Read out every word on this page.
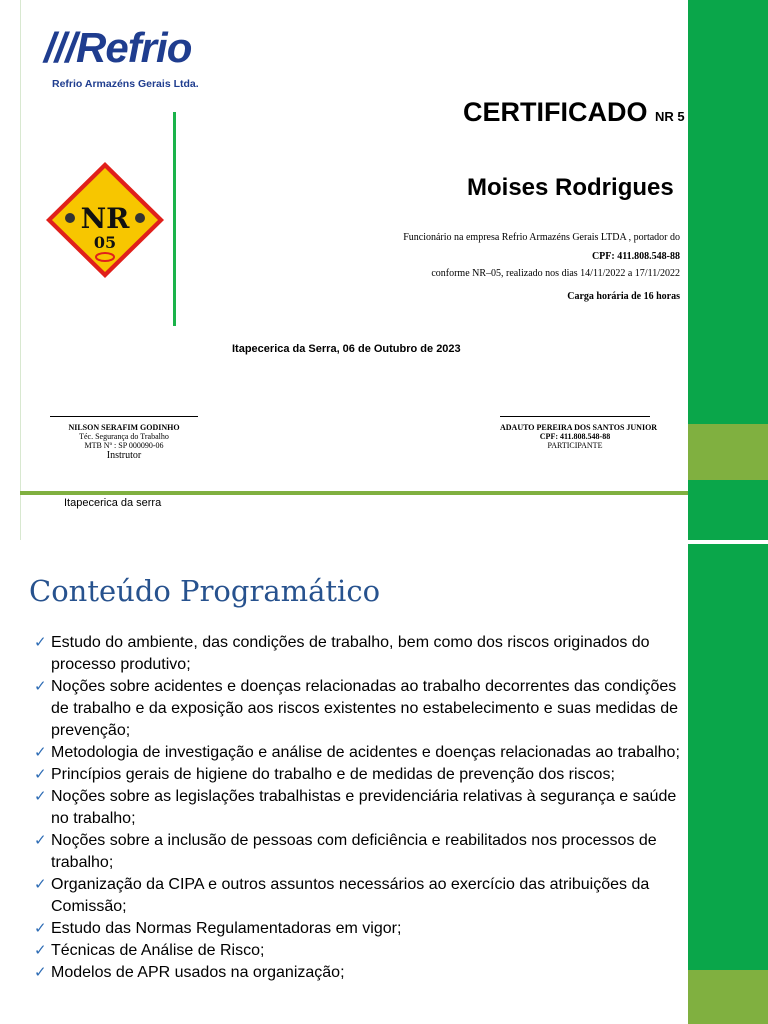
///Refrio
Refrio Armazéns Gerais Ltda.
NR
05
CERTIFICADO NR 5
Moises Rodrigues
Funcionário na empresa Refrio Armazéns Gerais LTDA , portador do
CPF: 411.808.548-88
conforme NR–05, realizado nos dias 14/11/2022 a 17/11/2022
Carga horária de 16 horas
Itapecerica da Serra, 06 de Outubro de 2023
NILSON SERAFIM GODINHO
Téc. Segurança do Trabalho
MTB Nº : SP 000090-06
Instrutor
ADAUTO PEREIRA DOS SANTOS JUNIOR
CPF: 411.808.548-88
PARTICIPANTE
Itapecerica da serra
Conteúdo Programático
✓ Estudo do ambiente, das condições de trabalho, bem como dos riscos originados do processo produtivo;
✓ Noções sobre acidentes e doenças relacionadas ao trabalho decorrentes das condições de trabalho e da exposição aos riscos existentes no estabelecimento e suas medidas de prevenção;
✓ Metodologia de investigação e análise de acidentes e doenças relacionadas ao trabalho;
✓ Princípios gerais de higiene do trabalho e de medidas de prevenção dos riscos;
✓ Noções sobre as legislações trabalhistas e previdenciária relativas à segurança e saúde no trabalho;
✓ Noções sobre a inclusão de pessoas com deficiência e reabilitados nos processos de trabalho;
✓ Organização da CIPA e outros assuntos necessários ao exercício das atribuições da Comissão;
✓ Estudo das Normas Regulamentadoras em vigor;
✓ Técnicas de Análise de Risco;
✓ Modelos de APR usados na organização;
